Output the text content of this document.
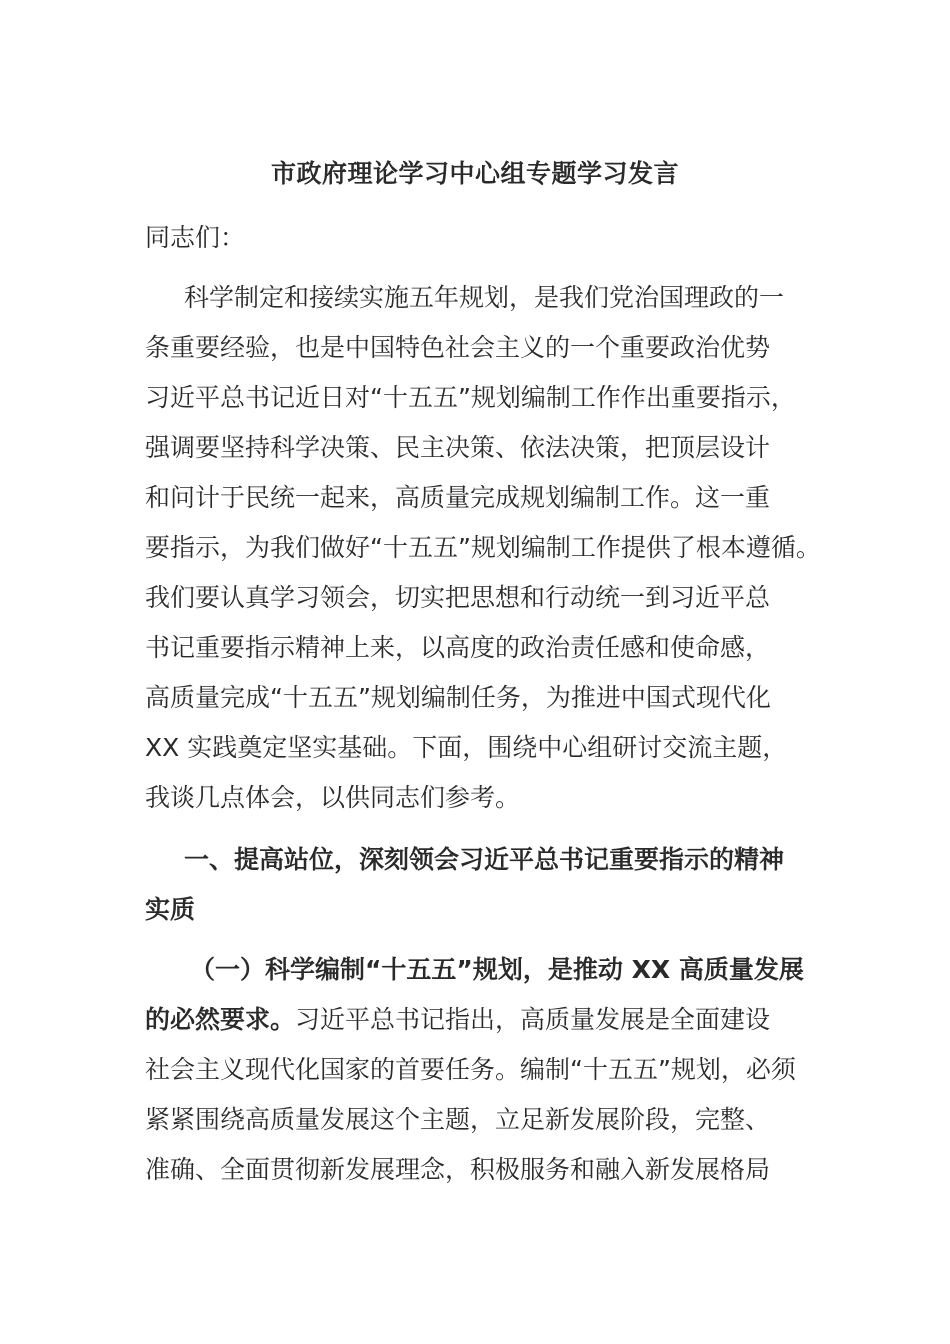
市政府理论学习中心组专题学习发言
同志们：
科学制定和接续实施五年规划，是我们党治国理政的一
条重要经验，也是中国特色社会主义的一个重要政治优势
习近平总书记近日对“十五五”规划编制工作作出重要指示，
强调要坚持科学决策、民主决策、依法决策，把顶层设计
和问计于民统一起来，高质量完成规划编制工作。这一重
要指示，为我们做好“十五五”规划编制工作提供了根本遵循。
我们要认真学习领会，切实把思想和行动统一到习近平总
书记重要指示精神上来，以高度的政治责任感和使命感，
高质量完成“十五五”规划编制任务，为推进中国式现代化
XX 实践奠定坚实基础。下面，围绕中心组研讨交流主题，
我谈几点体会，以供同志们参考。
一、提高站位，深刻领会习近平总书记重要指示的精神
实质
（一）科学编制“十五五”规划，是推动 XX 高质量发展
的必然要求。习近平总书记指出，高质量发展是全面建设
社会主义现代化国家的首要任务。编制“十五五”规划，必须
紧紧围绕高质量发展这个主题，立足新发展阶段，完整、
准确、全面贯彻新发展理念，积极服务和融入新发展格局
